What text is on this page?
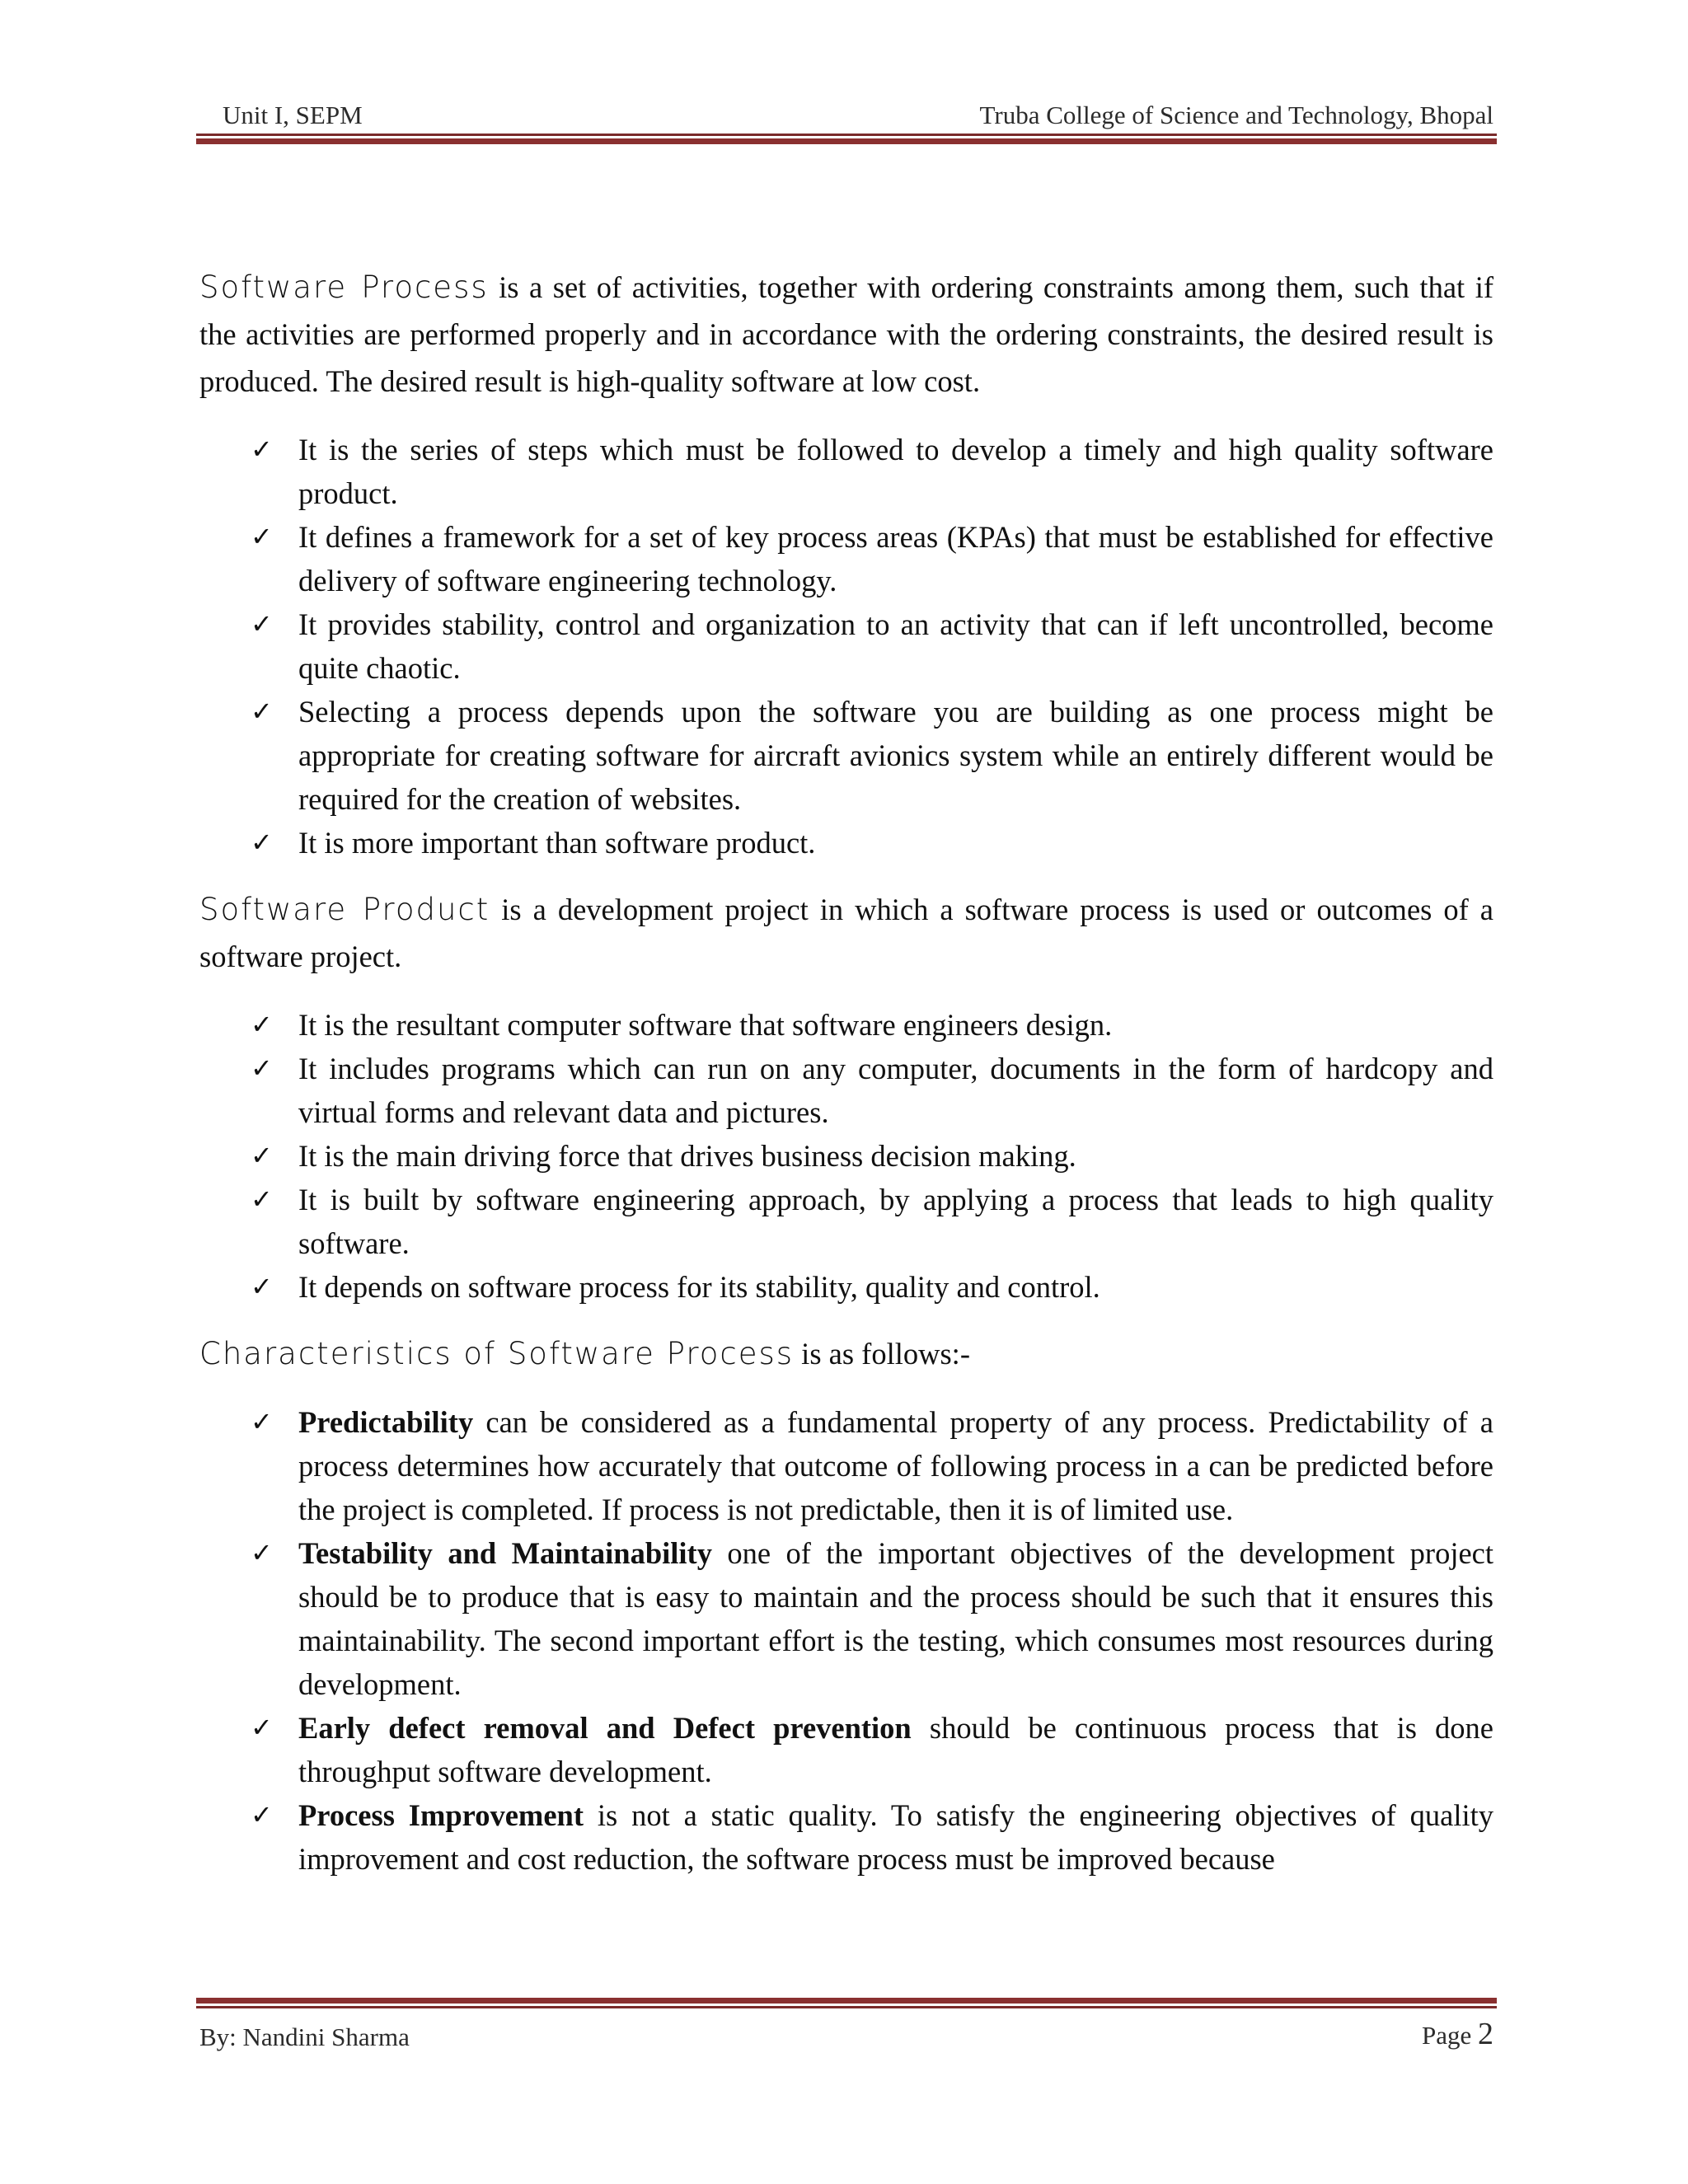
Unit I, SEPM	Truba College of Science and Technology, Bhopal

Software Process is a set of activities, together with ordering constraints among them, such that if the activities are performed properly and in accordance with the ordering constraints, the desired result is produced. The desired result is high-quality software at low cost.

✓ It is the series of steps which must be followed to develop a timely and high quality software product.
✓ It defines a framework for a set of key process areas (KPAs) that must be established for effective delivery of software engineering technology.
✓ It provides stability, control and organization to an activity that can if left uncontrolled, become quite chaotic.
✓ Selecting a process depends upon the software you are building as one process might be appropriate for creating software for aircraft avionics system while an entirely different would be required for the creation of websites.
✓ It is more important than software product.

Software Product is a development project in which a software process is used or outcomes of a software project.

✓ It is the resultant computer software that software engineers design.
✓ It includes programs which can run on any computer, documents in the form of hardcopy and virtual forms and relevant data and pictures.
✓ It is the main driving force that drives business decision making.
✓ It is built by software engineering approach, by applying a process that leads to high quality software.
✓ It depends on software process for its stability, quality and control.

Characteristics of Software Process is as follows:-

✓ Predictability can be considered as a fundamental property of any process. Predictability of a process determines how accurately that outcome of following process in a can be predicted before the project is completed. If process is not predictable, then it is of limited use.
✓ Testability and Maintainability one of the important objectives of the development project should be to produce that is easy to maintain and the process should be such that it ensures this maintainability. The second important effort is the testing, which consumes most resources during development.
✓ Early defect removal and Defect prevention should be continuous process that is done throughput software development.
✓ Process Improvement is not a static quality. To satisfy the engineering objectives of quality improvement and cost reduction, the software process must be improved because
By: Nandini Sharma	Page 2
